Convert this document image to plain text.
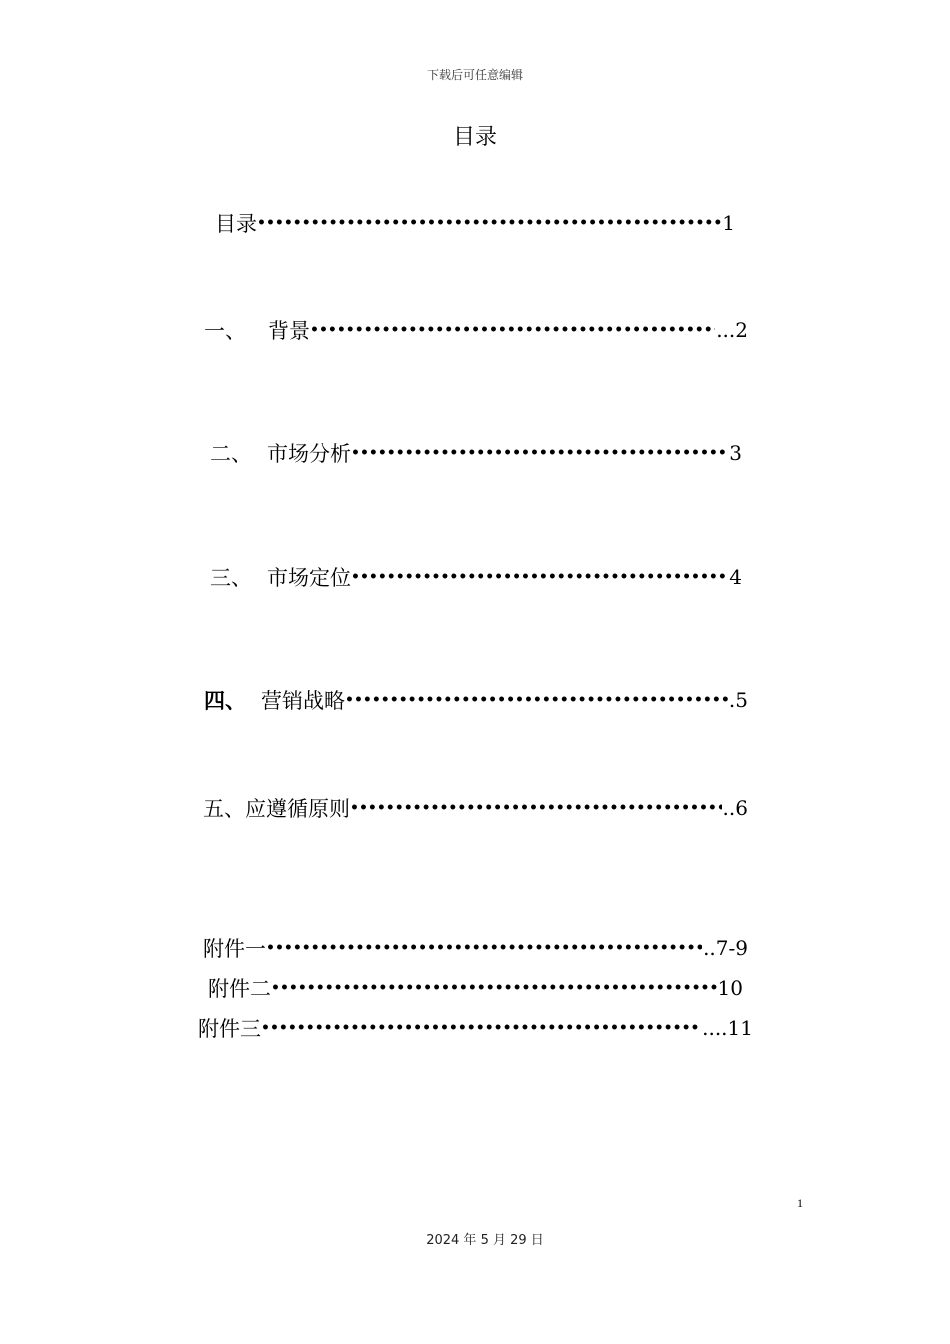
下载后可任意编辑
目录
目录 •••••	1
一、 背景 •••••	...2
二、 市场分析 •••••	3
三、 市场定位 •••••	4
四、 营销战略 •••••	.5
五、应遵循原则 •••••	..6
附件一 •••••	..7-9
附件二 •••••	10
附件三 •••••	....11
1
2024 年 5 月 29 日
